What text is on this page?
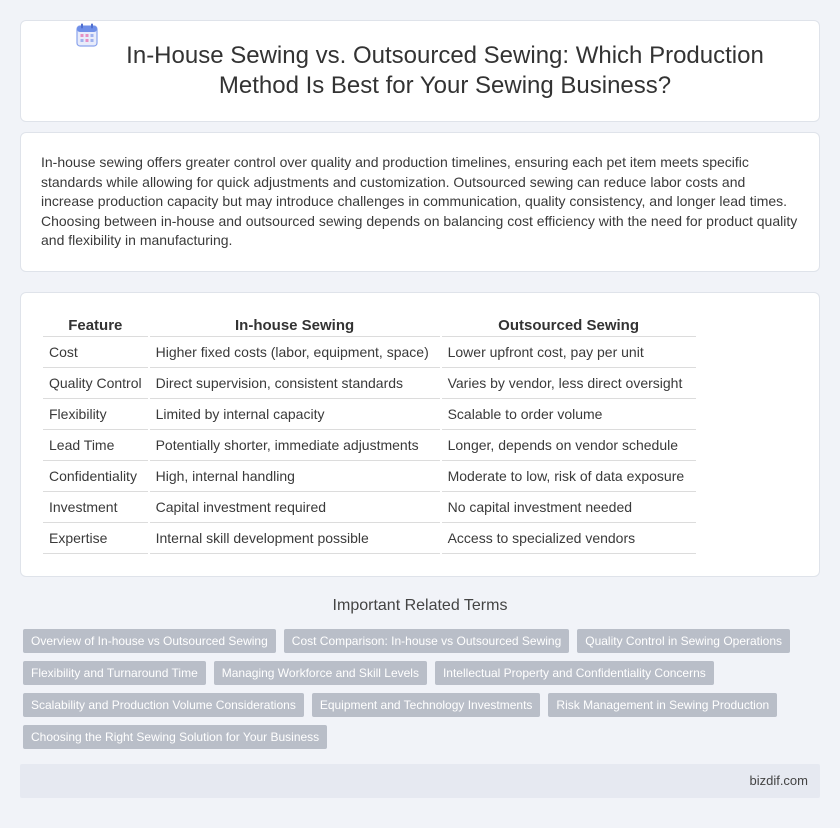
In-House Sewing vs. Outsourced Sewing: Which Production
Method Is Best for Your Sewing Business?

In-house sewing offers greater control over quality and production timelines, ensuring each pet item meets specific standards while allowing for quick adjustments and customization. Outsourced sewing can reduce labor costs and increase production capacity but may introduce challenges in communication, quality consistency, and longer lead times. Choosing between in-house and outsourced sewing depends on balancing cost efficiency with the need for product quality and flexibility in manufacturing.

Feature	In-house Sewing	Outsourced Sewing
Cost	Higher fixed costs (labor, equipment, space)	Lower upfront cost, pay per unit
Quality Control	Direct supervision, consistent standards	Varies by vendor, less direct oversight
Flexibility	Limited by internal capacity	Scalable to order volume
Lead Time	Potentially shorter, immediate adjustments	Longer, depends on vendor schedule
Confidentiality	High, internal handling	Moderate to low, risk of data exposure
Investment	Capital investment required	No capital investment needed
Expertise	Internal skill development possible	Access to specialized vendors
Important Related Terms
Overview of In-house vs Outsourced Sewing	Cost Comparison: In-house vs Outsourced Sewing	Quality Control in Sewing Operations
Flexibility and Turnaround Time	Managing Workforce and Skill Levels	Intellectual Property and Confidentiality Concerns
Scalability and Production Volume Considerations	Equipment and Technology Investments	Risk Management in Sewing Production
Choosing the Right Sewing Solution for Your Business
bizdif.com
